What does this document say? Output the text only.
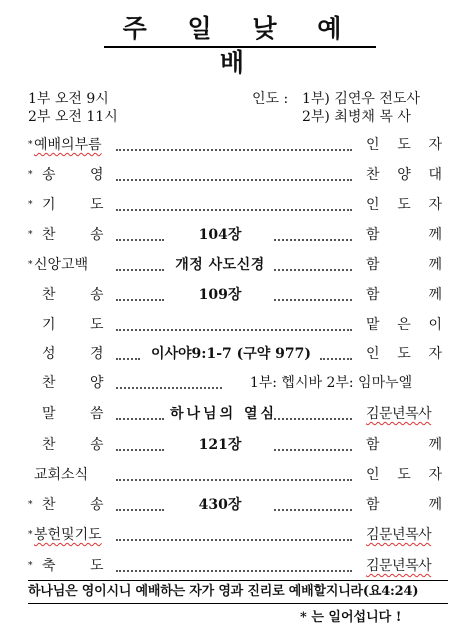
주 일 낮 예 배
1부 오전 9시
2부 오전 11시
인도 : 1부) 김연우 전도사
2부) 최병채 목 사
* 예배의부름	인 도 자
* 송 영	찬 양 대
* 기 도	인 도 자
* 찬 송	104장	함	께
* 신앙고백	개정 사도신경	함	께
찬 송	109장	함	께
기 도	맡 은 이
성 경	이사야9:1-7 (구약 977)	인 도 자
찬 양	1부: 헵시바 2부: 임마누엘
말 씀	하나님의 열심	김문년목사
찬 송	121장	함	께
교회소식	인 도 자
* 찬 송	430장	함	께
* 봉헌및기도	김문년목사
* 축 도	김문년목사
하나님은 영이시니 예배하는 자가 영과 진리로 예배할지니라(요4:24)
* 는 일어섭니다 !
